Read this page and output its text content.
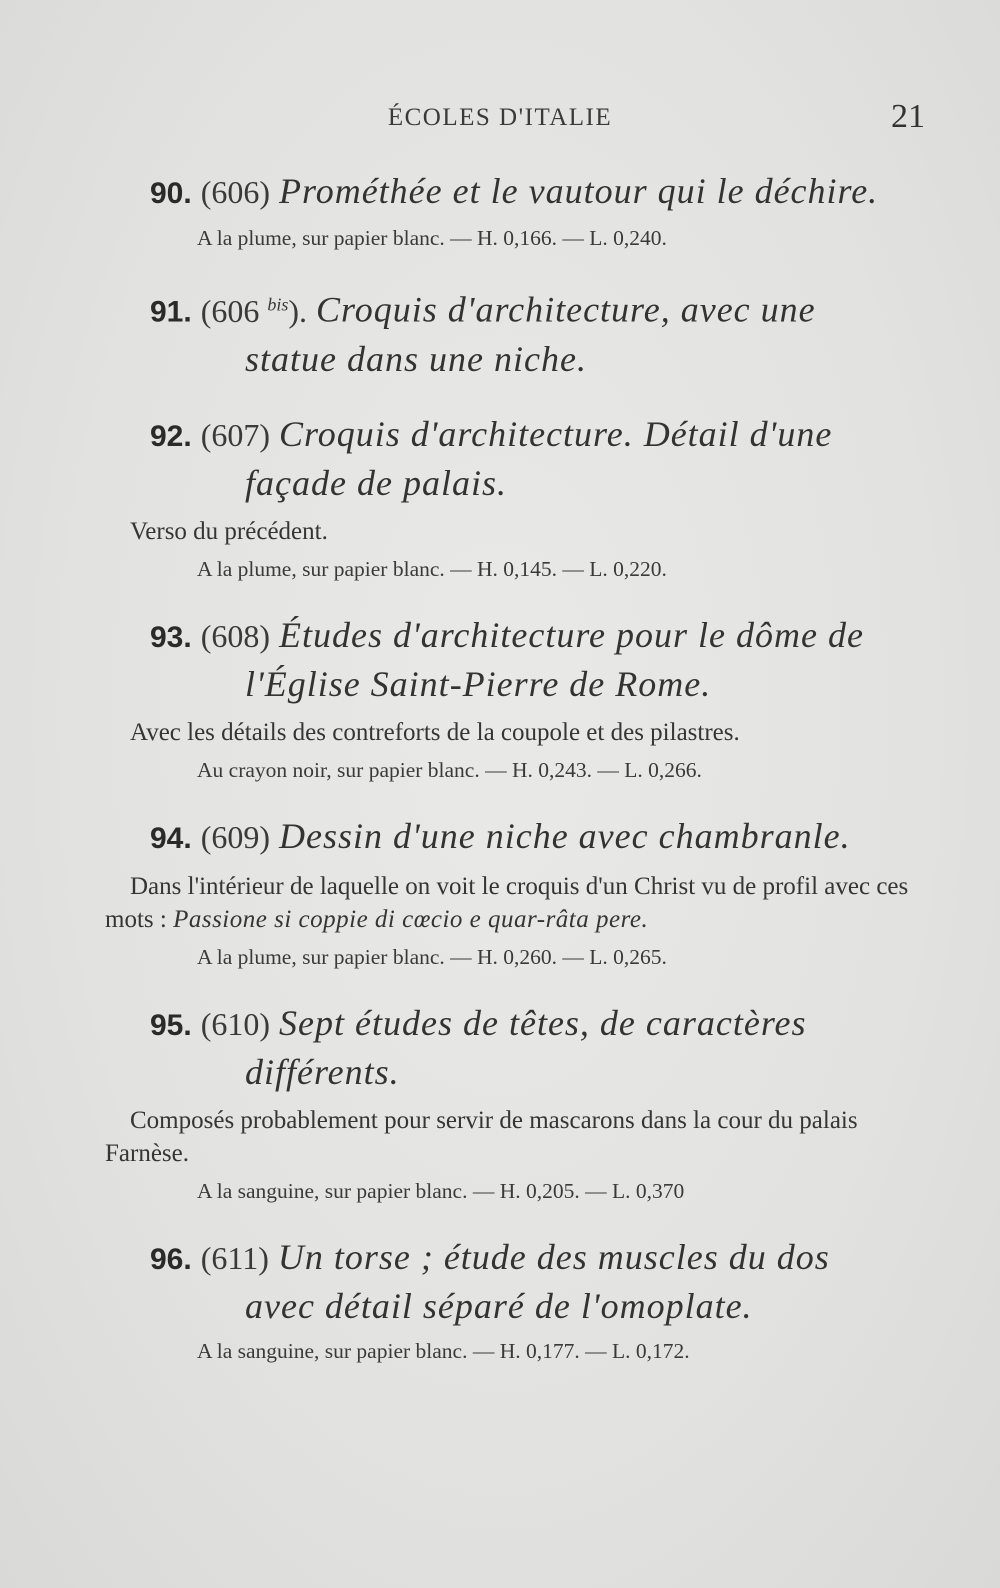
ÉCOLES D'ITALIE	21
90. (606) Prométhée et le vautour qui le déchire.
A la plume, sur papier blanc. — H. 0,166. — L. 0,240.
91. (606 $^{bis}$). Croquis d'architecture, avec une
statue dans une niche.
92. (607) Croquis d'architecture. Détail d'une
façade de palais.
Verso du précédent.
A la plume, sur papier blanc. — H. 0,145. — L. 0,220.
93. (608) Études d'architecture pour le dôme de
l'Église Saint-Pierre de Rome.
Avec les détails des contreforts de la coupole et des pilastres.
Au crayon noir, sur papier blanc. — H. 0,243. — L. 0,266.
94. (609) Dessin d'une niche avec chambranle.
Dans l'intérieur de laquelle on voit le croquis d'un Christ vu de profil avec ces mots : Passione si coppie di cœcio e quar-râta pere.
A la plume, sur papier blanc. — H. 0,260. — L. 0,265.
95. (610) Sept études de têtes, de caractères
différents.
Composés probablement pour servir de mascarons dans la cour du palais Farnèse.
A la sanguine, sur papier blanc. — H. 0,205. — L. 0,370
96. (611) Un torse ; étude des muscles du dos
avec détail séparé de l'omoplate.
A la sanguine, sur papier blanc. — H. 0,177. — L. 0,172.
